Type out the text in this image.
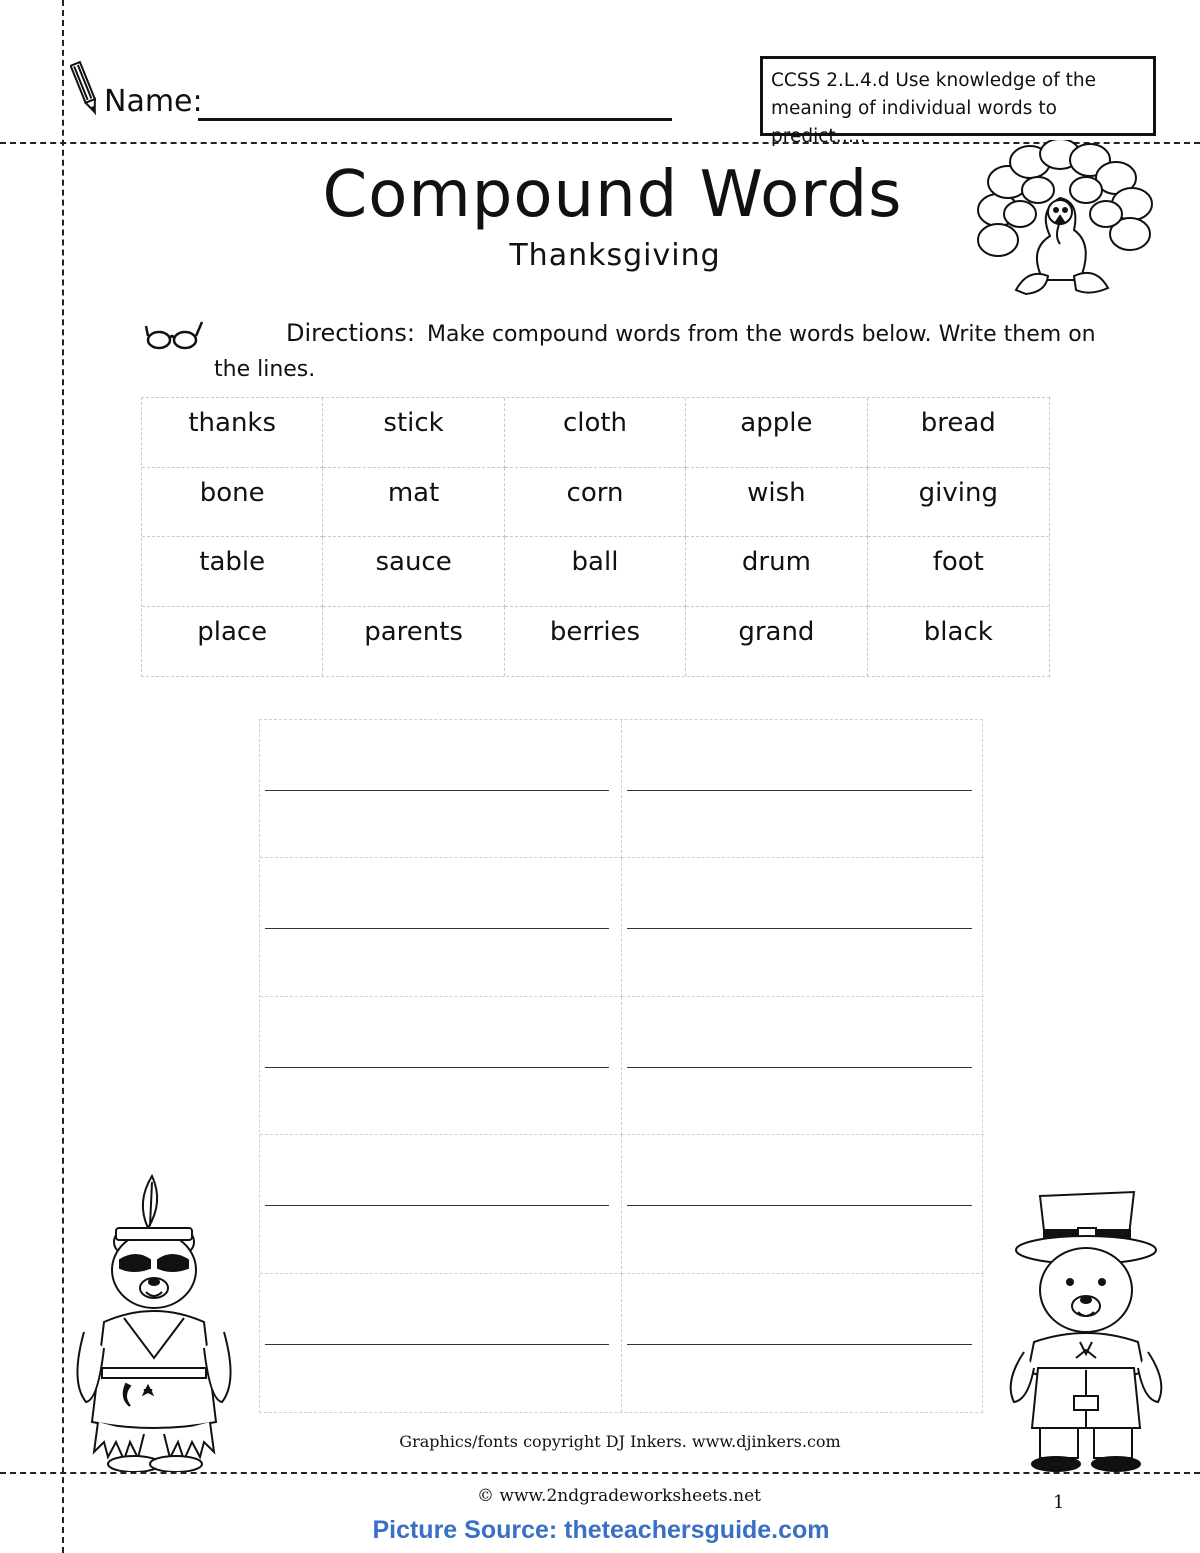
Name:
CCSS 2.L.4.d Use knowledge of the meaning of individual words to predict…..
Compound Words
Thanksgiving
Directions: Make compound words from the words below. Write them on the lines.
thanks	stick	cloth	apple	bread
bone	mat	corn	wish	giving
table	sauce	ball	drum	foot
place	parents	berries	grand	black
Graphics/fonts copyright DJ Inkers. www.djinkers.com
© www.2ndgradeworksheets.net	1
Picture Source: theteachersguide.com
